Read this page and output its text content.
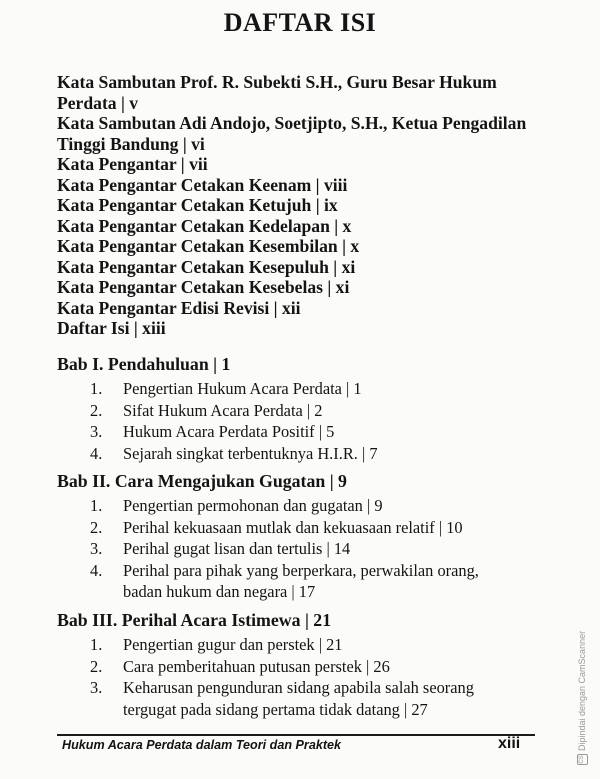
DAFTAR ISI
Kata Sambutan Prof. R. Subekti S.H., Guru Besar Hukum
Perdata | v
Kata Sambutan Adi Andojo, Soetjipto, S.H., Ketua Pengadilan
Tinggi Bandung | vi
Kata Pengantar | vii
Kata Pengantar Cetakan Keenam | viii
Kata Pengantar Cetakan Ketujuh | ix
Kata Pengantar Cetakan Kedelapan | x
Kata Pengantar Cetakan Kesembilan | x
Kata Pengantar Cetakan Kesepuluh | xi
Kata Pengantar Cetakan Kesebelas | xi
Kata Pengantar Edisi Revisi | xii
Daftar Isi | xiii
Bab I. Pendahuluan | 1
1. Pengertian Hukum Acara Perdata | 1
2. Sifat Hukum Acara Perdata | 2
3. Hukum Acara Perdata Positif | 5
4. Sejarah singkat terbentuknya H.I.R. | 7
Bab II. Cara Mengajukan Gugatan | 9
1. Pengertian permohonan dan gugatan | 9
2. Perihal kekuasaan mutlak dan kekuasaan relatif | 10
3. Perihal gugat lisan dan tertulis | 14
4. Perihal para pihak yang berperkara, perwakilan orang,
badan hukum dan negara | 17
Bab III. Perihal Acara Istimewa | 21
1. Pengertian gugur dan perstek | 21
2. Cara pemberitahuan putusan perstek | 26
3. Keharusan pengunduran sidang apabila salah seorang
tergugat pada sidang pertama tidak datang | 27
Hukum Acara Perdata dalam Teori dan Praktek	xiii
CSDipindai dengan CamScanner
